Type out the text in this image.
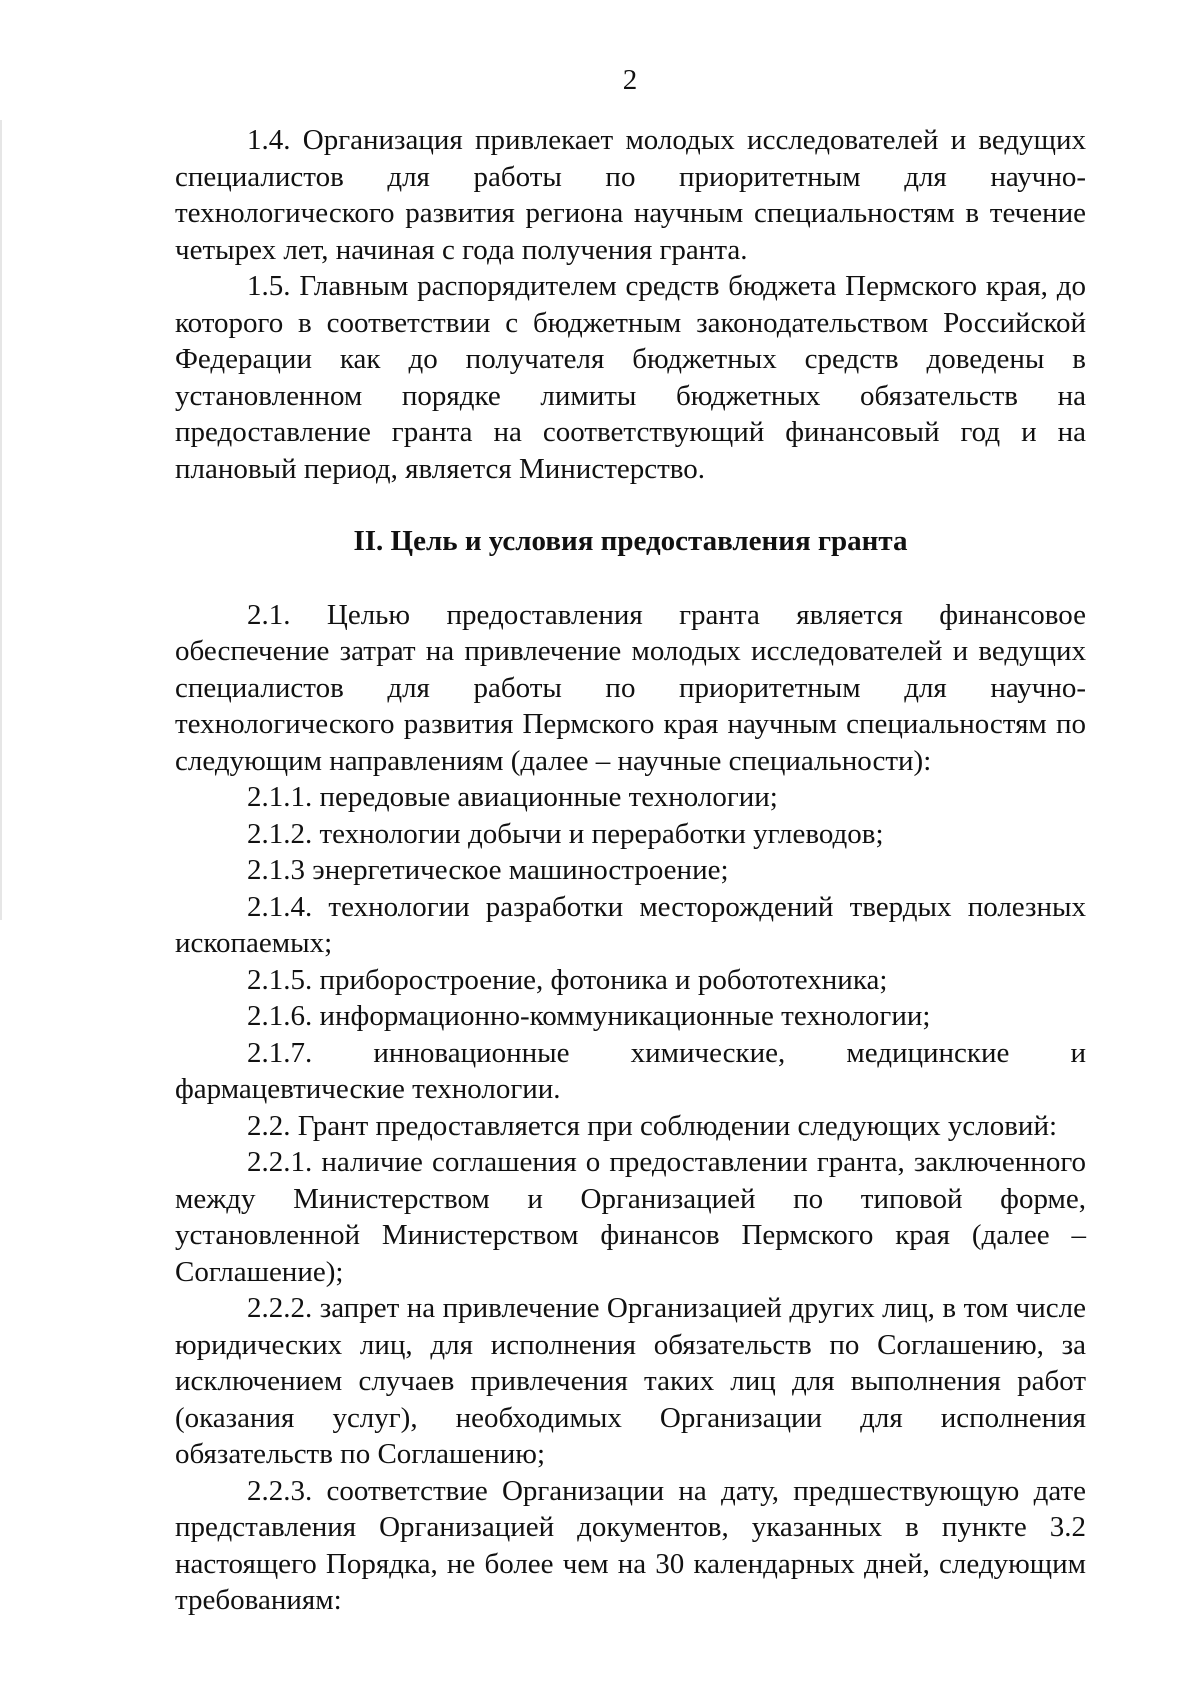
2

1.4. Организация привлекает молодых исследователей и ведущих специалистов для работы по приоритетным для научно-технологического развития региона научным специальностям в течение четырех лет, начиная с года получения гранта.

1.5. Главным распорядителем средств бюджета Пермского края, до которого в соответствии с бюджетным законодательством Российской Федерации как до получателя бюджетных средств доведены в установленном порядке лимиты бюджетных обязательств на предоставление гранта на соответствующий финансовый год и на плановый период, является Министерство.

II. Цель и условия предоставления гранта

2.1. Целью предоставления гранта является финансовое обеспечение затрат на привлечение молодых исследователей и ведущих специалистов для работы по приоритетным для научно-технологического развития Пермского края научным специальностям по следующим направлениям (далее – научные специальности):

2.1.1. передовые авиационные технологии;

2.1.2. технологии добычи и переработки углеводов;

2.1.3 энергетическое машиностроение;

2.1.4. технологии разработки месторождений твердых полезных ископаемых;

2.1.5. приборостроение, фотоника и робототехника;

2.1.6. информационно-коммуникационные технологии;

2.1.7. инновационные химические, медицинские и фармацевтические технологии.

2.2. Грант предоставляется при соблюдении следующих условий:

2.2.1. наличие соглашения о предоставлении гранта, заключенного между Министерством и Организацией по типовой форме, установленной Министерством финансов Пермского края (далее – Соглашение);

2.2.2. запрет на привлечение Организацией других лиц, в том числе юридических лиц, для исполнения обязательств по Соглашению, за исключением случаев привлечения таких лиц для выполнения работ (оказания услуг), необходимых Организации для исполнения обязательств по Соглашению;

2.2.3. соответствие Организации на дату, предшествующую дате представления Организацией документов, указанных в пункте 3.2 настоящего Порядка, не более чем на 30 календарных дней, следующим требованиям:
